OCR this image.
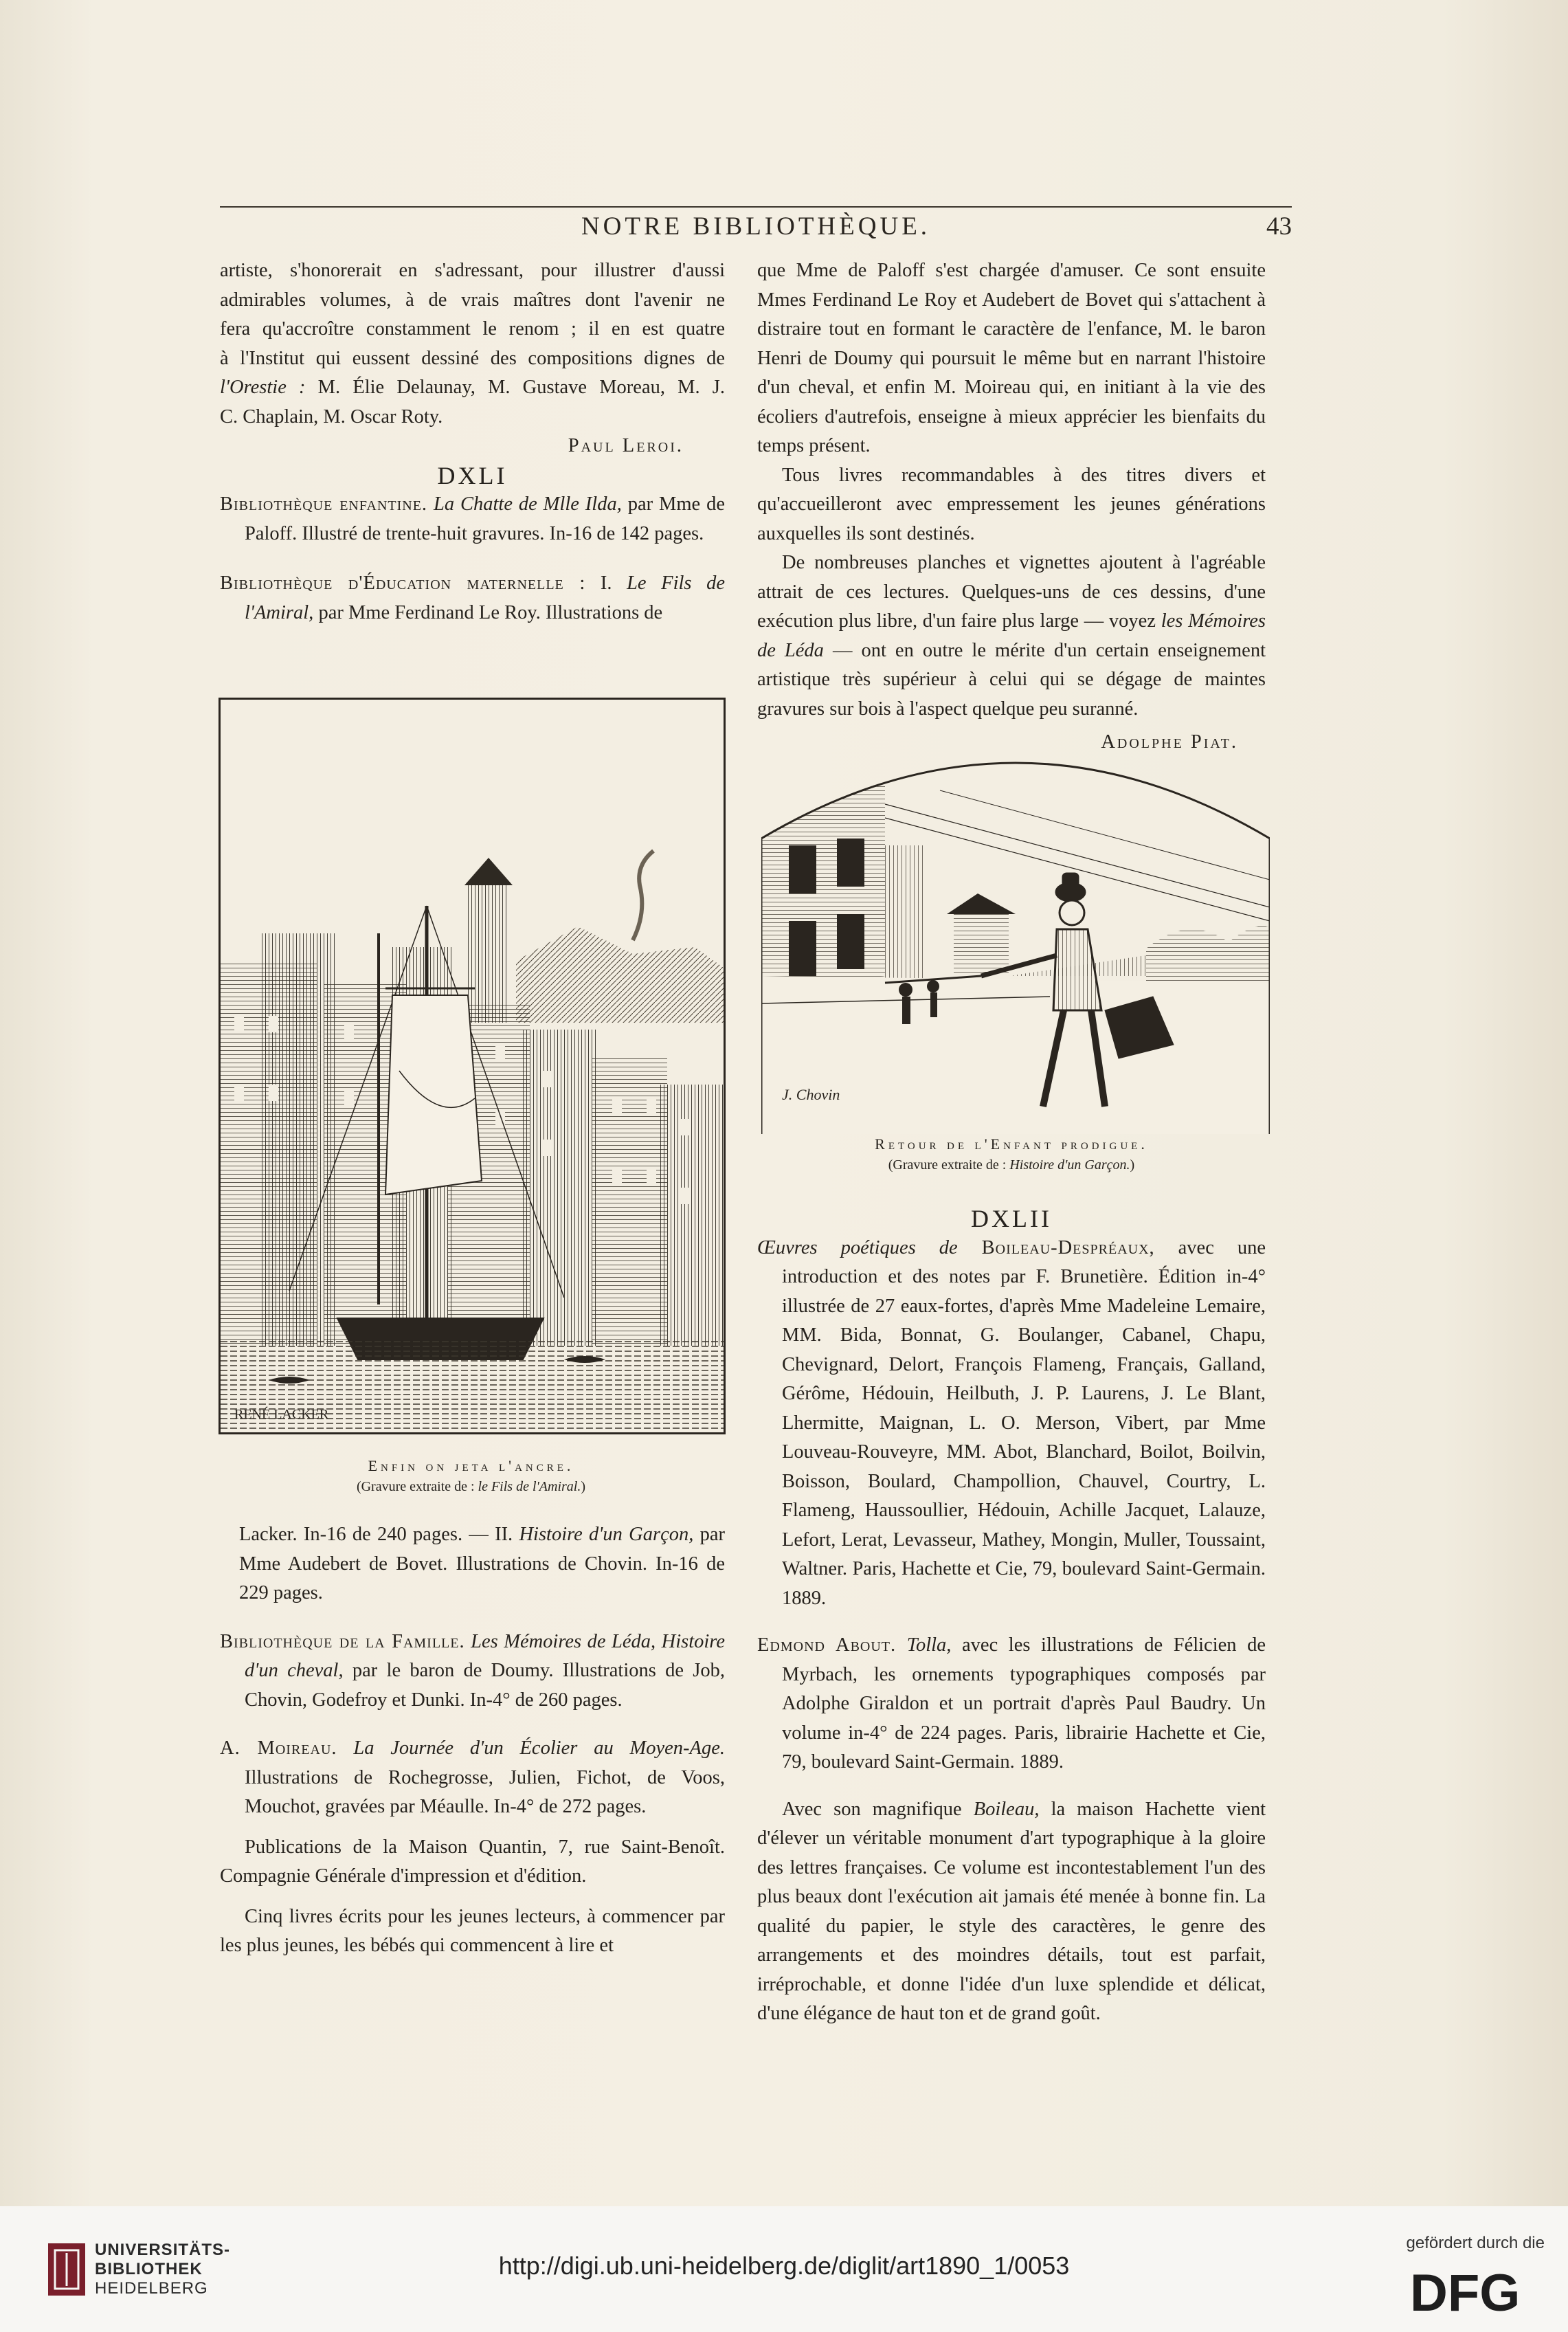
NOTRE BIBLIOTHÈQUE.	43

artiste, s'honorerait en s'adressant, pour illustrer d'aussi

admirables volumes, à de vrais maîtres dont l'avenir ne

fera qu'accroître constamment le renom ; il en est quatre

à l'Institut qui eussent dessiné des compositions dignes de

l'Orestie : M. Élie Delaunay, M. Gustave Moreau, M. J.

C. Chaplain, M. Oscar Roty.

Paul Leroi.

DXLI

Bibliothèque enfantine. La Chatte de Mlle Ilda, par Mme de Paloff. Illustré de trente-huit gravures. In-16 de 142 pages.

Bibliothèque d'Éducation maternelle : I. Le Fils de l'Amiral, par Mme Ferdinand Le Roy. Illustrations de

RENÉ LACKER
Enfin on jeta l'ancre.
(Gravure extraite de : le Fils de l'Amiral.)

Lacker. In-16 de 240 pages. — II. Histoire d'un Garçon, par Mme Audebert de Bovet. Illustrations de Chovin. In-16 de 229 pages.

Bibliothèque de la Famille. Les Mémoires de Léda, Histoire d'un cheval, par le baron de Doumy. Illustrations de Job, Chovin, Godefroy et Dunki. In-4° de 260 pages.

A. Moireau. La Journée d'un Écolier au Moyen-Age. Illustrations de Rochegrosse, Julien, Fichot, de Voos, Mouchot, gravées par Méaulle. In-4° de 272 pages.

Publications de la Maison Quantin, 7, rue Saint-Benoît. Compagnie Générale d'impression et d'édition.

Cinq livres écrits pour les jeunes lecteurs, à commencer par les plus jeunes, les bébés qui commencent à lire et

que Mme de Paloff s'est chargée d'amuser. Ce sont ensuite Mmes Ferdinand Le Roy et Audebert de Bovet qui s'attachent à distraire tout en formant le caractère de l'enfance, M. le baron Henri de Doumy qui poursuit le même but en narrant l'histoire d'un cheval, et enfin M. Moireau qui, en initiant à la vie des écoliers d'autrefois, enseigne à mieux apprécier les bienfaits du temps présent.

Tous livres recommandables à des titres divers et qu'accueilleront avec empressement les jeunes générations auxquelles ils sont destinés.

De nombreuses planches et vignettes ajoutent à l'agréable attrait de ces lectures. Quelques-uns de ces dessins, d'une exécution plus libre, d'un faire plus large — voyez les Mémoires de Léda — ont en outre le mérite d'un certain enseignement artistique très supérieur à celui qui se dégage de maintes gravures sur bois à l'aspect quelque peu suranné.

Adolphe Piat.

J. Chovin
Retour de l'Enfant prodigue.
(Gravure extraite de : Histoire d'un Garçon.)

DXLII

Œuvres poétiques de Boileau-Despréaux, avec une introduction et des notes par F. Brunetière. Édition in-4° illustrée de 27 eaux-fortes, d'après Mme Madeleine Lemaire, MM. Bida, Bonnat, G. Boulanger, Cabanel, Chapu, Chevignard, Delort, François Flameng, Français, Galland, Gérôme, Hédouin, Heilbuth, J. P. Laurens, J. Le Blant, Lhermitte, Maignan, L. O. Merson, Vibert, par Mme Louveau-Rouveyre, MM. Abot, Blanchard, Boilot, Boilvin, Boisson, Boulard, Champollion, Chauvel, Courtry, L. Flameng, Haussoullier, Hédouin, Achille Jacquet, Lalauze, Lefort, Lerat, Levasseur, Mathey, Mongin, Muller, Toussaint, Waltner. Paris, Hachette et Cie, 79, boulevard Saint-Germain. 1889.

Edmond About. Tolla, avec les illustrations de Félicien de Myrbach, les ornements typographiques composés par Adolphe Giraldon et un portrait d'après Paul Baudry. Un volume in-4° de 224 pages. Paris, librairie Hachette et Cie, 79, boulevard Saint-Germain. 1889.

Avec son magnifique Boileau, la maison Hachette vient d'élever un véritable monument d'art typographique à la gloire des lettres françaises. Ce volume est incontestablement l'un des plus beaux dont l'exécution ait jamais été menée à bonne fin. La qualité du papier, le style des caractères, le genre des arrangements et des moindres détails, tout est parfait, irréprochable, et donne l'idée d'un luxe splendide et délicat, d'une élégance de haut ton et de grand goût.

UNIVERSITÄTS-
BIBLIOTHEK
HEIDELBERG
http://digi.ub.uni-heidelberg.de/diglit/art1890_1/0053
gefördert durch die
DFG
